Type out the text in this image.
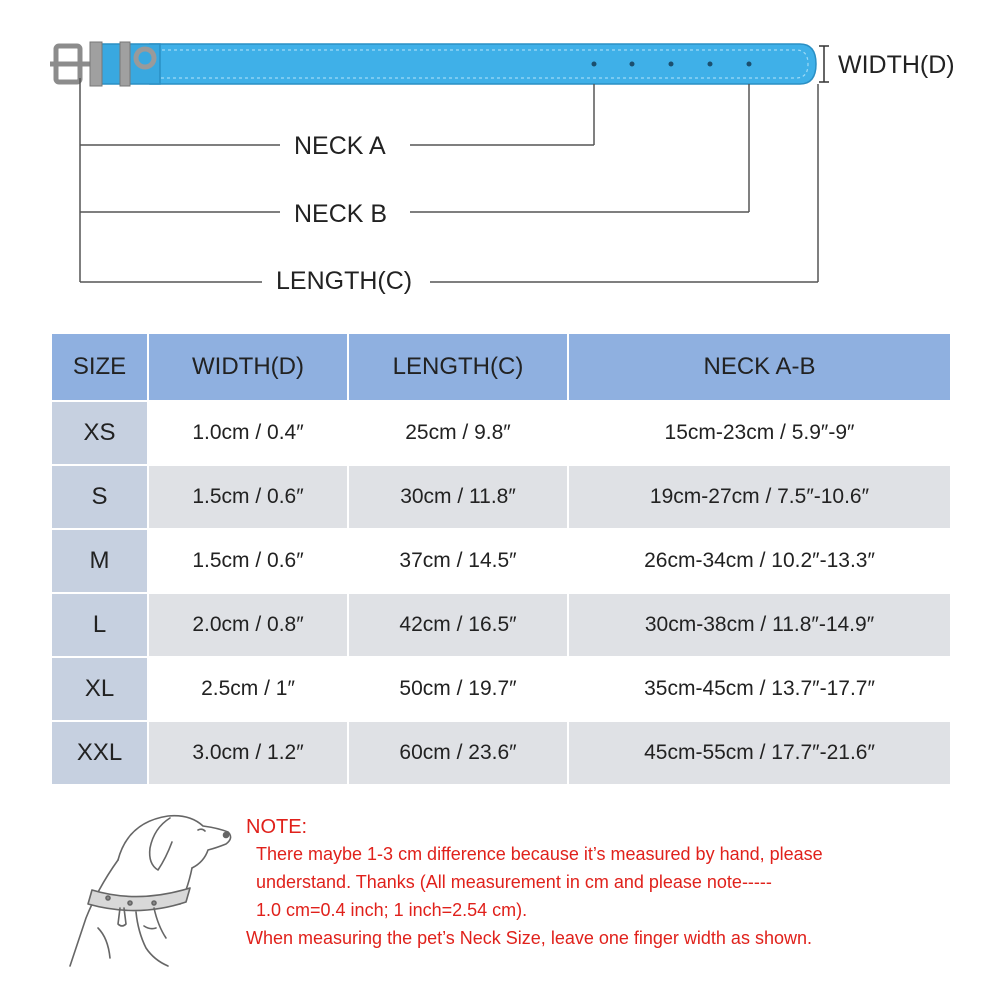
WIDTH(D)
NECK A
NECK B
LENGTH(C)
SIZE	WIDTH(D)	LENGTH(C)	NECK A-B
XS	1.0cm / 0.4″	25cm / 9.8″	15cm-23cm / 5.9″-9″
S	1.5cm / 0.6″	30cm / 11.8″	19cm-27cm / 7.5″-10.6″
M	1.5cm / 0.6″	37cm / 14.5″	26cm-34cm / 10.2″-13.3″
L	2.0cm / 0.8″	42cm / 16.5″	30cm-38cm / 11.8″-14.9″
XL	2.5cm / 1″	50cm / 19.7″	35cm-45cm / 13.7″-17.7″
XXL	3.0cm / 1.2″	60cm / 23.6″	45cm-55cm / 17.7″-21.6″
NOTE:
There maybe 1-3 cm difference because it’s measured by hand, please
understand. Thanks (All measurement in cm and please note-----
1.0 cm=0.4 inch; 1 inch=2.54 cm).
When measuring the pet’s Neck Size, leave one finger width as shown.
